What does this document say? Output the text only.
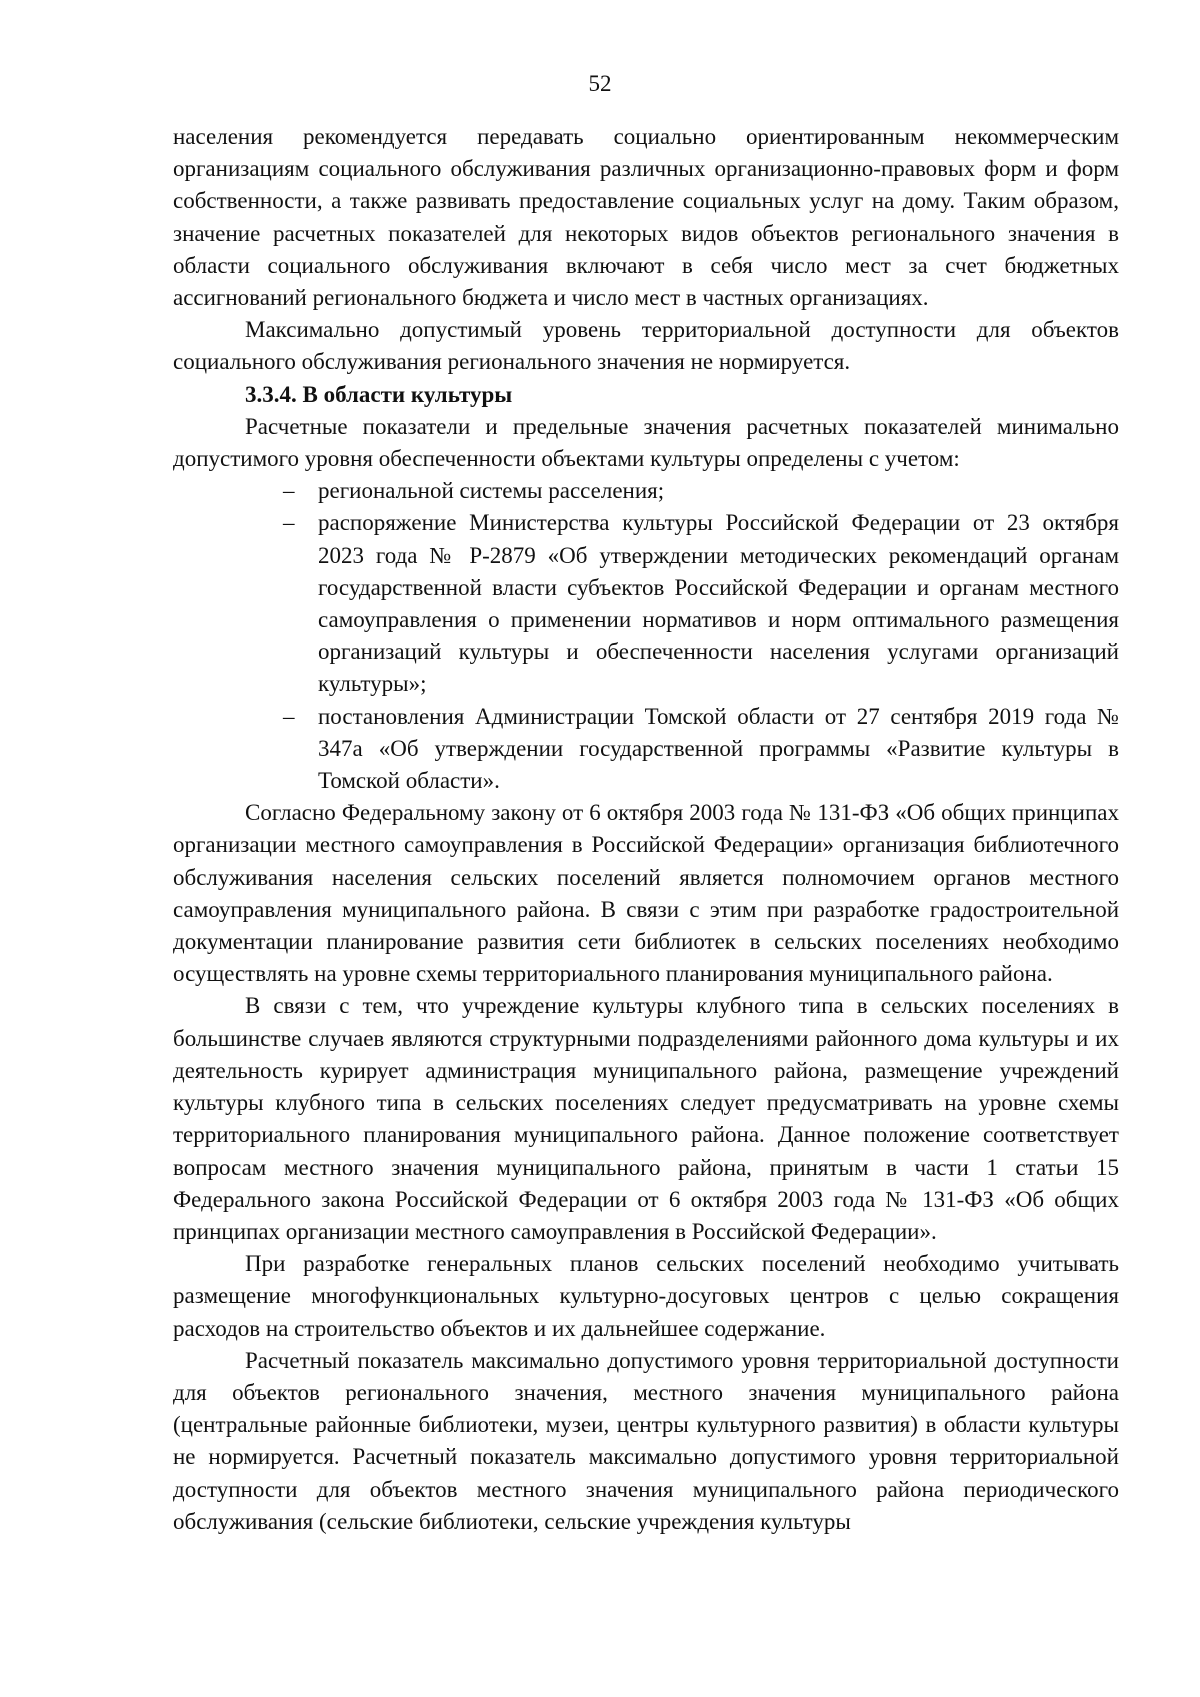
52

населения рекомендуется передавать социально ориентированным некоммерческим организациям социального обслуживания различных организационно-правовых форм и форм собственности, а также развивать предоставление социальных услуг на дому. Таким образом, значение расчетных показателей для некоторых видов объектов регионального значения в области социального обслуживания включают в себя число мест за счет бюджетных ассигнований регионального бюджета и число мест в частных организациях.

Максимально допустимый уровень территориальной доступности для объектов социального обслуживания регионального значения не нормируется.

3.3.4. В области культуры

Расчетные показатели и предельные значения расчетных показателей минимально допустимого уровня обеспеченности объектами культуры определены с учетом:

– региональной системы расселения;
– распоряжение Министерства культуры Российской Федерации от 23 октября 2023 года № Р-2879 «Об утверждении методических рекомендаций органам государственной власти субъектов Российской Федерации и органам местного самоуправления о применении нормативов и норм оптимального размещения организаций культуры и обеспеченности населения услугами организаций культуры»;
– постановления Администрации Томской области от 27 сентября 2019 года № 347а «Об утверждении государственной программы «Развитие культуры в Томской области».

Согласно Федеральному закону от 6 октября 2003 года № 131-ФЗ «Об общих принципах организации местного самоуправления в Российской Федерации» организация библиотечного обслуживания населения сельских поселений является полномочием органов местного самоуправления муниципального района. В связи с этим при разработке градостроительной документации планирование развития сети библиотек в сельских поселениях необходимо осуществлять на уровне схемы территориального планирования муниципального района.

В связи с тем, что учреждение культуры клубного типа в сельских поселениях в большинстве случаев являются структурными подразделениями районного дома культуры и их деятельность курирует администрация муниципального района, размещение учреждений культуры клубного типа в сельских поселениях следует предусматривать на уровне схемы территориального планирования муниципального района. Данное положение соответствует вопросам местного значения муниципального района, принятым в части 1 статьи 15 Федерального закона Российской Федерации от 6 октября 2003 года № 131-ФЗ «Об общих принципах организации местного самоуправления в Российской Федерации».

При разработке генеральных планов сельских поселений необходимо учитывать размещение многофункциональных культурно-досуговых центров с целью сокращения расходов на строительство объектов и их дальнейшее содержание.

Расчетный показатель максимально допустимого уровня территориальной доступности для объектов регионального значения, местного значения муниципального района (центральные районные библиотеки, музеи, центры культурного развития) в области культуры не нормируется. Расчетный показатель максимально допустимого уровня территориальной доступности для объектов местного значения муниципального района периодического обслуживания (сельские библиотеки, сельские учреждения культуры
